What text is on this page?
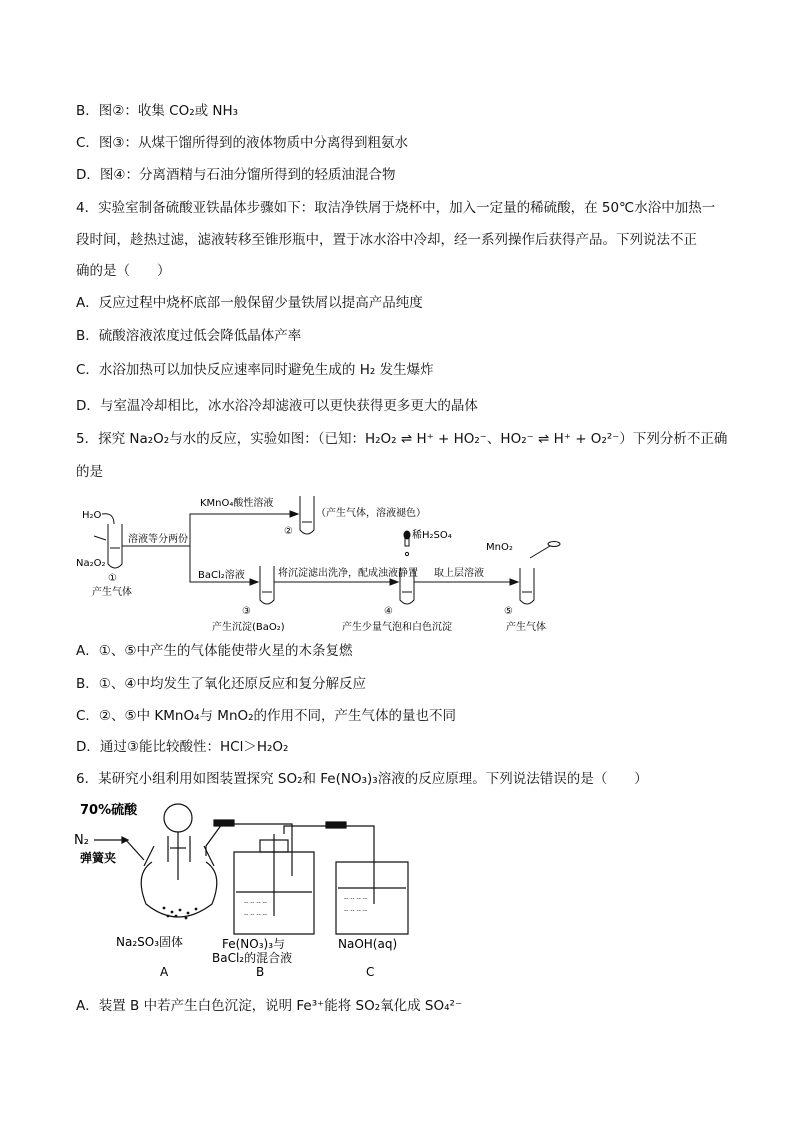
B．图②：收集 CO₂或 NH₃
C．图③：从煤干馏所得到的液体物质中分离得到粗氨水
D．图④：分离酒精与石油分馏所得到的轻质油混合物
4．实验室制备硫酸亚铁晶体步骤如下：取洁净铁屑于烧杯中，加入一定量的稀硫酸，在 50℃水浴中加热一
段时间，趁热过滤，滤液转移至锥形瓶中，置于冰水浴中冷却，经一系列操作后获得产品。下列说法不正
确的是（　　）
A．反应过程中烧杯底部一般保留少量铁屑以提高产品纯度
B．硫酸溶液浓度过低会降低晶体产率
C．水浴加热可以加快反应速率同时避免生成的 H₂ 发生爆炸
D．与室温冷却相比，冰水浴冷却滤液可以更快获得更多更大的晶体
5．探究 Na₂O₂与水的反应，实验如图：（已知：H₂O₂ ⇌ H⁺ + HO₂⁻、HO₂⁻ ⇌ H⁺ + O₂²⁻）下列分析不正确
的是
H₂O
Na₂O₂
溶液等分两份
①
产生气体
KMnO₄酸性溶液
②
（产生气体，溶液褪色）
BaCl₂溶液	将沉淀滤出洗净，配成浊液静置
稀H₂SO₄
取上层溶液
MnO₂
③
产生沉淀(BaO₂)
④
产生少量气泡和白色沉淀
⑤
产生气体
A．①、⑤中产生的气体能使带火星的木条复燃
B．①、④中均发生了氧化还原反应和复分解反应
C．②、⑤中 KMnO₄与 MnO₂的作用不同，产生气体的量也不同
D．通过③能比较酸性：HCl＞H₂O₂
6．某研究小组利用如图装置探究 SO₂和 Fe(NO₃)₃溶液的反应原理。下列说法错误的是（　　）
-- -- -- --
-- -- -- --
-- -- -- --
-- -- -- --
70%硫酸
N₂
弹簧夹
Na₂SO₃固体	Fe(NO₃)₃与
BaCl₂的混合液
NaOH(aq)
A	B	C
A．装置 B 中若产生白色沉淀，说明 Fe³⁺能将 SO₂氧化成 SO₄²⁻
